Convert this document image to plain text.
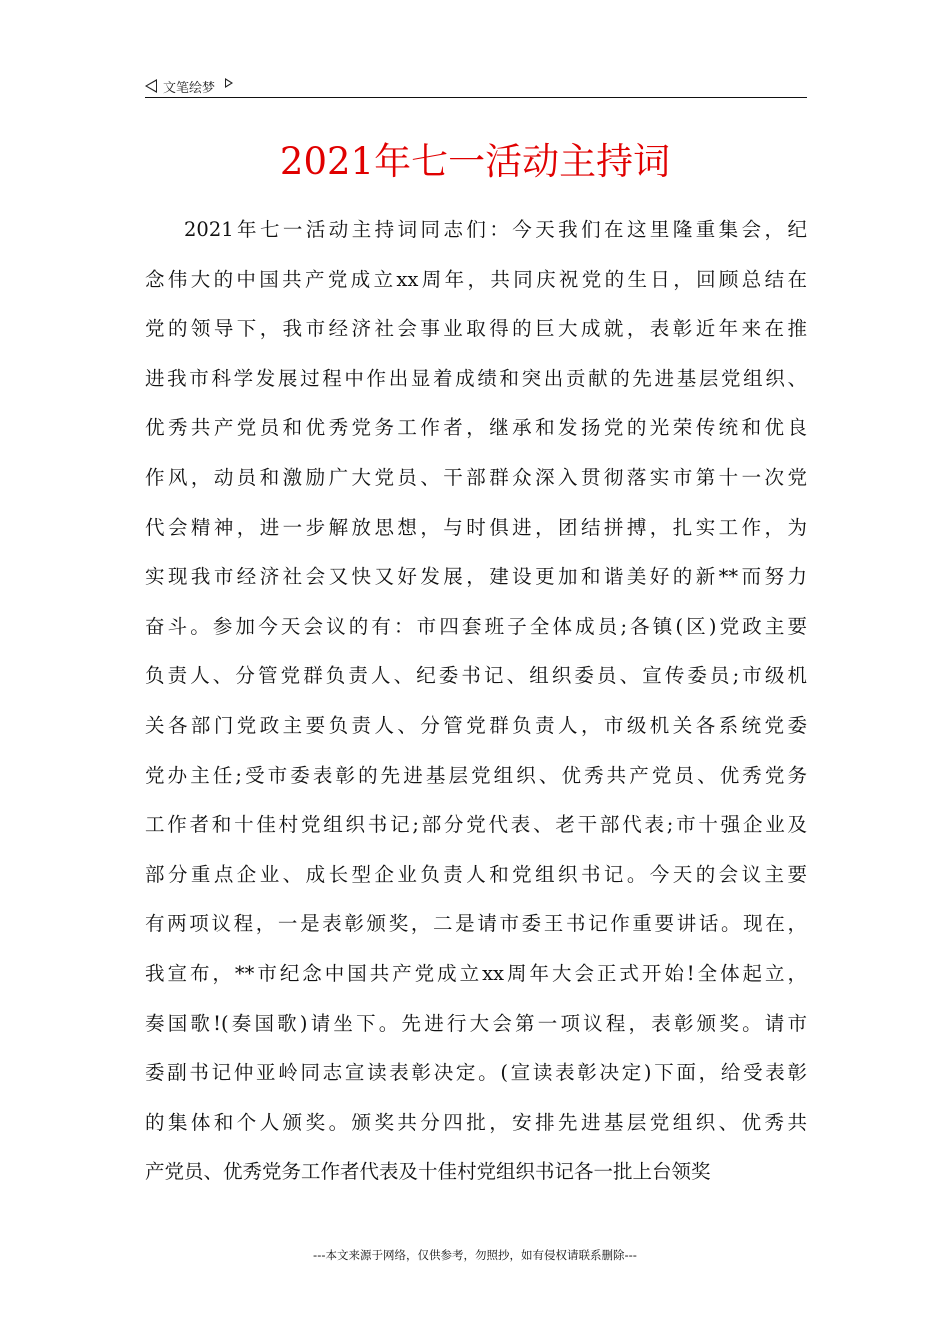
文笔绘梦
2021年七一活动主持词
2021年七一活动主持词同志们：今天我们在这里隆重集会，纪
念伟大的中国共产党成立xx周年，共同庆祝党的生日，回顾总结在
党的领导下，我市经济社会事业取得的巨大成就，表彰近年来在推
进我市科学发展过程中作出显着成绩和突出贡献的先进基层党组织、
优秀共产党员和优秀党务工作者，继承和发扬党的光荣传统和优良
作风，动员和激励广大党员、干部群众深入贯彻落实市第十一次党
代会精神，进一步解放思想，与时俱进，团结拼搏，扎实工作，为
实现我市经济社会又快又好发展，建设更加和谐美好的新**而努力
奋斗。参加今天会议的有：市四套班子全体成员;各镇(区)党政主要
负责人、分管党群负责人、纪委书记、组织委员、宣传委员;市级机
关各部门党政主要负责人、分管党群负责人，市级机关各系统党委
党办主任;受市委表彰的先进基层党组织、优秀共产党员、优秀党务
工作者和十佳村党组织书记;部分党代表、老干部代表;市十强企业及
部分重点企业、成长型企业负责人和党组织书记。今天的会议主要
有两项议程，一是表彰颁奖，二是请市委王书记作重要讲话。现在，
我宣布，**市纪念中国共产党成立xx周年大会正式开始!全体起立，
奏国歌!(奏国歌)请坐下。先进行大会第一项议程，表彰颁奖。请市
委副书记仲亚岭同志宣读表彰决定。(宣读表彰决定)下面，给受表彰
的集体和个人颁奖。颁奖共分四批，安排先进基层党组织、优秀共
产党员、优秀党务工作者代表及十佳村党组织书记各一批上台领奖
---本文来源于网络，仅供参考，勿照抄，如有侵权请联系删除---
